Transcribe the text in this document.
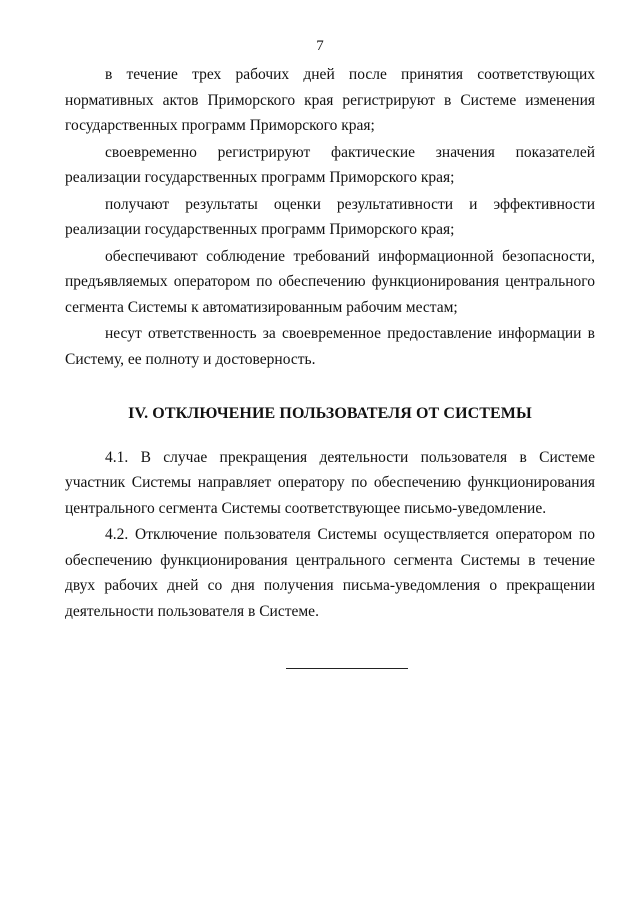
7

в течение трех рабочих дней после принятия соответствующих нормативных актов Приморского края регистрируют в Системе изменения государственных программ Приморского края;

своевременно регистрируют фактические значения показателей реализации государственных программ Приморского края;

получают результаты оценки результативности и эффективности реализации государственных программ Приморского края;

обеспечивают соблюдение требований информационной безопасности, предъявляемых оператором по обеспечению функционирования центрального сегмента Системы к автоматизированным рабочим местам;

несут ответственность за своевременное предоставление информации в Систему, ее полноту и достоверность.

IV. ОТКЛЮЧЕНИЕ ПОЛЬЗОВАТЕЛЯ ОТ СИСТЕМЫ

4.1. В случае прекращения деятельности пользователя в Системе участник Системы направляет оператору по обеспечению функционирования центрального сегмента Системы соответствующее письмо-уведомление.

4.2. Отключение пользователя Системы осуществляется оператором по обеспечению функционирования центрального сегмента Системы в течение двух рабочих дней со дня получения письма-уведомления о прекращении деятельности пользователя в Системе.
